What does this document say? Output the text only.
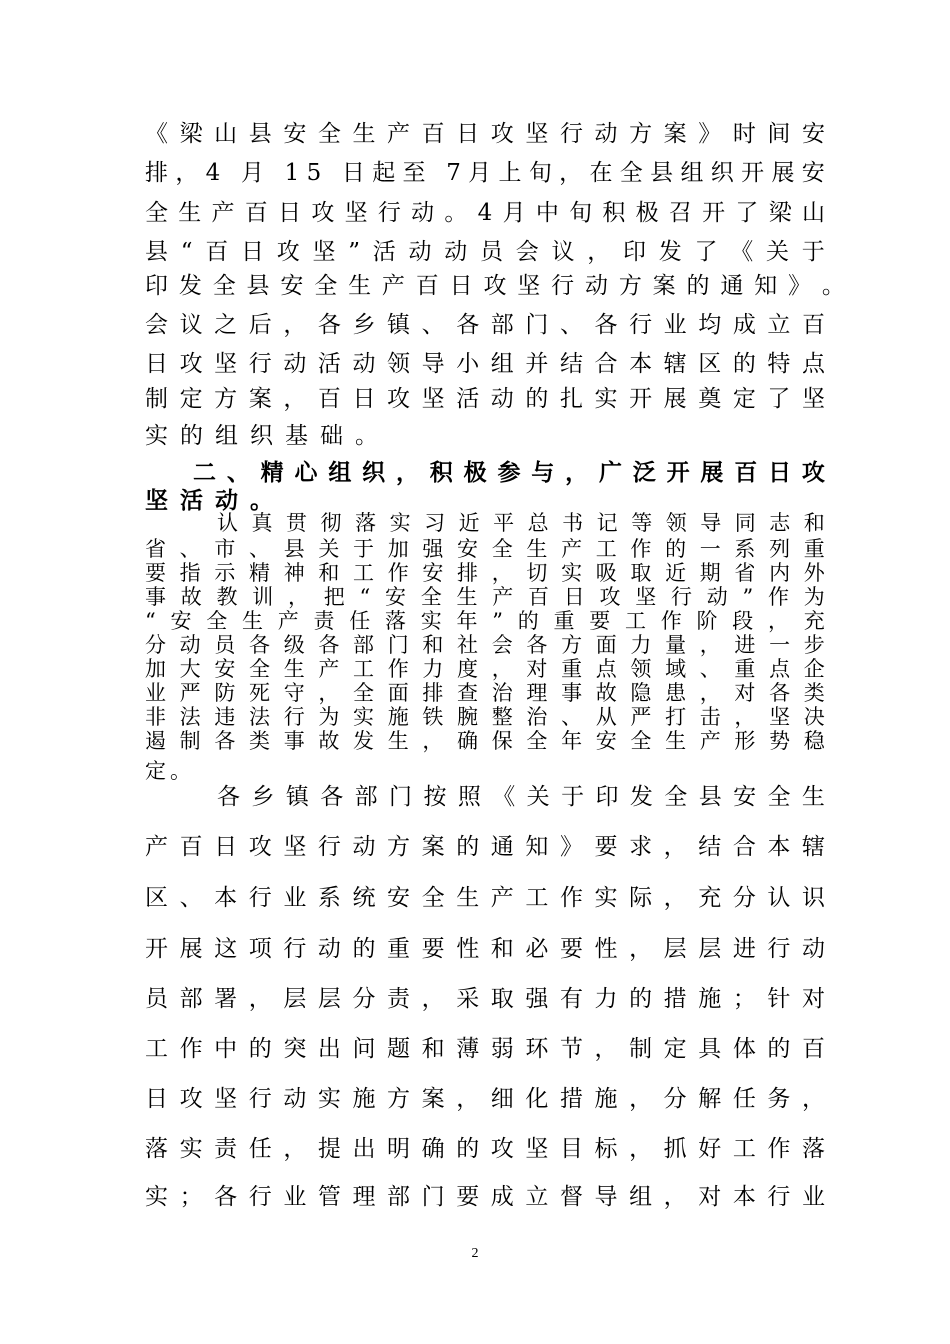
《 梁 山 县 安 全 生 产 百 日 攻 坚 行 动 方 案 》 时 间 安
排 ， 4 月 1 5 日 起 至 7 月 上 旬 ， 在 全 县 组 织 开 展 安
全 生 产 百 日 攻 坚 行 动 。 4 月 中 旬 积 极 召 开 了 梁 山
县 “ 百 日 攻 坚 ” 活 动 动 员 会 议 ， 印 发 了 《 关 于
印 发 全 县 安 全 生 产 百 日 攻 坚 行 动 方 案 的 通 知 》 。
会 议 之 后 ， 各 乡 镇 、 各 部 门 、 各 行 业 均 成 立 百
日 攻 坚 行 动 活 动 领 导 小 组 并 结 合 本 辖 区 的 特 点
制 定 方 案 ， 百 日 攻 坚 活 动 的 扎 实 开 展 奠 定 了 坚
实 的 组 织 基 础 。
二 、 精 心 组 织 ， 积 极 参 与 ， 广 泛 开 展 百 日 攻
坚 活 动 。
认 真 贯 彻 落 实 习 近 平 总 书 记 等 领 导 同 志 和
省 、 市 、 县 关 于 加 强 安 全 生 产 工 作 的 一 系 列 重
要 指 示 精 神 和 工 作 安 排 ， 切 实 吸 取 近 期 省 内 外
事 故 教 训 ， 把 “ 安 全 生 产 百 日 攻 坚 行 动 ” 作 为
“ 安 全 生 产 责 任 落 实 年 ” 的 重 要 工 作 阶 段 ， 充
分 动 员 各 级 各 部 门 和 社 会 各 方 面 力 量 ， 进 一 步
加 大 安 全 生 产 工 作 力 度 ， 对 重 点 领 域 、 重 点 企
业 严 防 死 守 ， 全 面 排 查 治 理 事 故 隐 患 ， 对 各 类
非 法 违 法 行 为 实 施 铁 腕 整 治 、 从 严 打 击 ， 坚 决
遏 制 各 类 事 故 发 生 ， 确 保 全 年 安 全 生 产 形 势 稳
定 。
各 乡 镇 各 部 门 按 照 《 关 于 印 发 全 县 安 全 生
产 百 日 攻 坚 行 动 方 案 的 通 知 》 要 求 ， 结 合 本 辖
区 、 本 行 业 系 统 安 全 生 产 工 作 实 际 ， 充 分 认 识
开 展 这 项 行 动 的 重 要 性 和 必 要 性 ， 层 层 进 行 动
员 部 署 ， 层 层 分 责 ， 采 取 强 有 力 的 措 施 ； 针 对
工 作 中 的 突 出 问 题 和 薄 弱 环 节 ， 制 定 具 体 的 百
日 攻 坚 行 动 实 施 方 案 ， 细 化 措 施 ， 分 解 任 务 ，
落 实 责 任 ， 提 出 明 确 的 攻 坚 目 标 ， 抓 好 工 作 落
实 ； 各 行 业 管 理 部 门 要 成 立 督 导 组 ， 对 本 行 业
2
